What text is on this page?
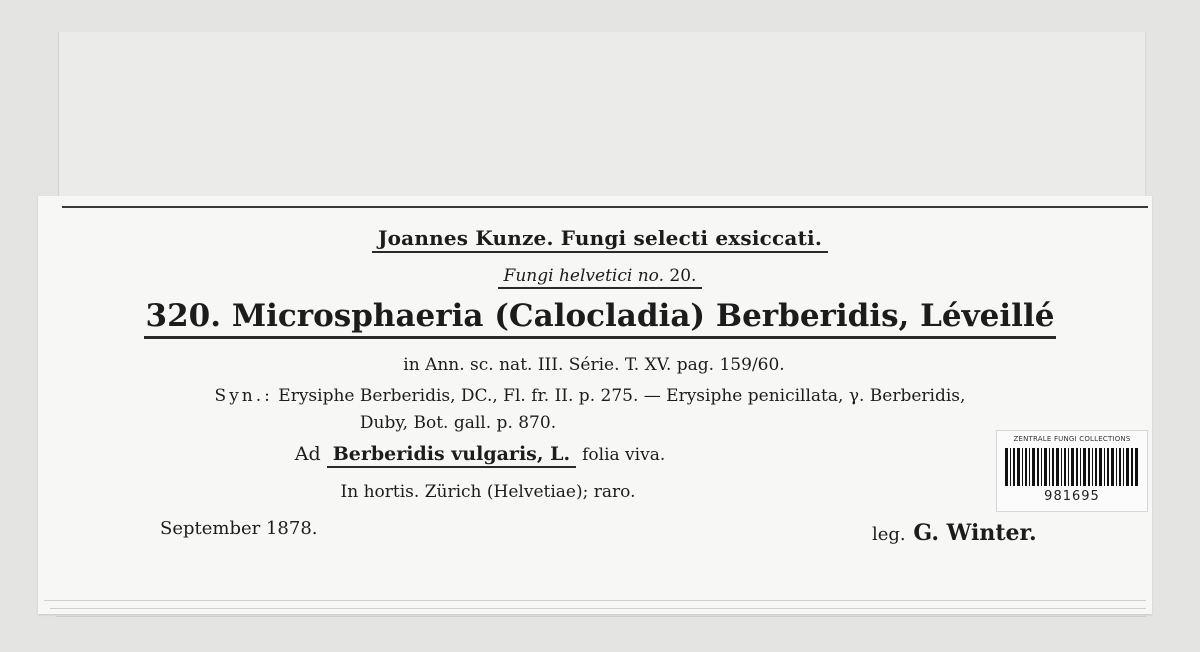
Joannes Kunze. Fungi selecti exsiccati.
Fungi helvetici no. 20.
320. Microsphaeria (Calocladia) Berberidis, Léveillé
in Ann. sc. nat. III. Série. T. XV. pag. 159/60.
Syn.: Erysiphe Berberidis, DC., Fl. fr. II. p. 275. — Erysiphe penicillata, γ. Berberidis,
Duby, Bot. gall. p. 870.
Ad Berberidis vulgaris, L. folia viva.
In hortis. Zürich (Helvetiae); raro.
September 1878.	leg. G. Winter.
ZENTRALE FUNGI COLLECTIONS
981695
